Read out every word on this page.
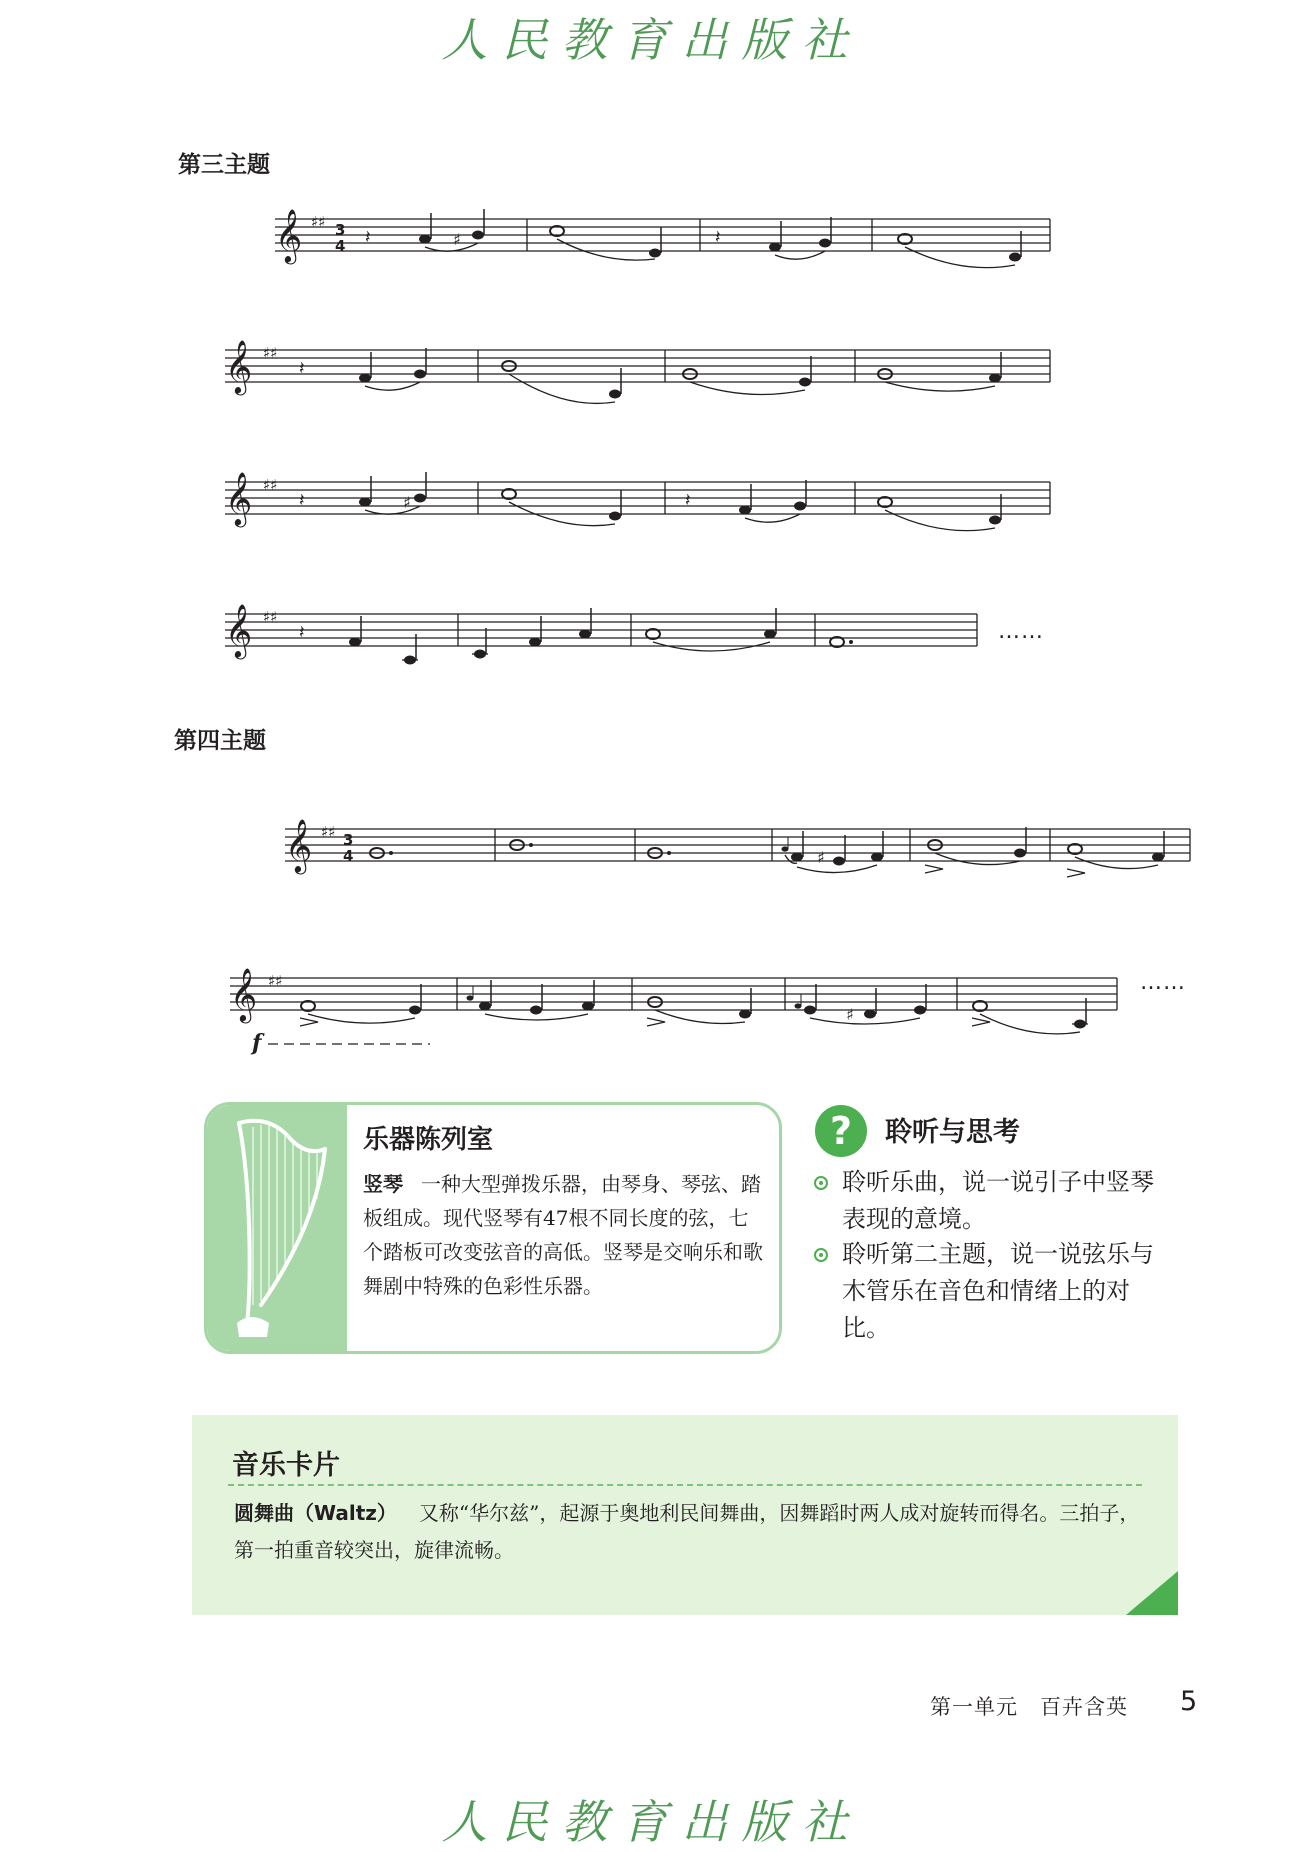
人民教育出版社
第三主题
𝄞 ♯♯ 3
4 𝄽	♯	𝄽
𝄞 ♯♯
𝄽
𝄞 ♯♯
𝄽	♯	𝄽
𝄞 ♯♯
𝄽	……
第四主题
𝄞 ♯♯ 3
4	♯
𝄞 ♯♯
♯
f
……
乐器陈列室
竖琴 一种大型弹拨乐器，由琴身、琴弦、踏板组成。现代竖琴有47根不同长度的弦，七个踏板可改变弦音的高低。竖琴是交响乐和歌舞剧中特殊的色彩性乐器。
?	聆听与思考
聆听乐曲，说一说引子中竖琴表现的意境。
聆听第二主题，说一说弦乐与木管乐在音色和情绪上的对比。
音乐卡片
圆舞曲（Waltz） 又称“华尔兹”，起源于奥地利民间舞曲，因舞蹈时两人成对旋转而得名。三拍子，第一拍重音较突出，旋律流畅。
第一单元　百卉含英 5
人民教育出版社
